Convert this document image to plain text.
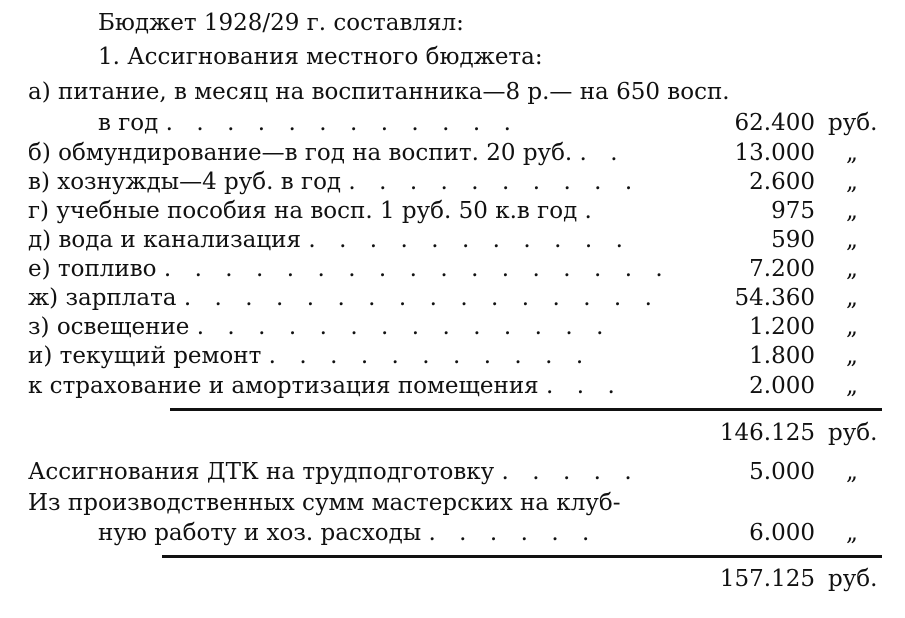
Бюджет 1928/29 г. составлял:
1. Ассигнования местного бюджета:
а) питание, в месяц на воспитанника—8 р.— на 650 восп.
в год . . . . . . . . . . . .	62.400 руб.
б) обмундирование—в год на воспит. 20 руб. . .	13.000 „
в) хознужды—4 руб. в год . . . . . . . . . .	2.600 „
г) учебные пособия на восп. 1 руб. 50 к.в год .	975 „
д) вода и канализация . . . . . . . . . . .	590 „
е) топливо . . . . . . . . . . . . . . . . .	7.200 „
ж) зарплата . . . . . . . . . . . . . . . .	54.360 „
з) освещение . . . . . . . . . . . . . .	1.200 „
и) текущий ремонт . . . . . . . . . . .	1.800 „
к страхование и амортизация помещения . . .	2.000 „
146.125 руб.
Ассигнования ДТК на трудподготовку . . . . .	5.000 „
Из производственных сумм мастерских на клуб-
ную работу и хоз. расходы . . . . . .	6.000 „
157.125 руб.
